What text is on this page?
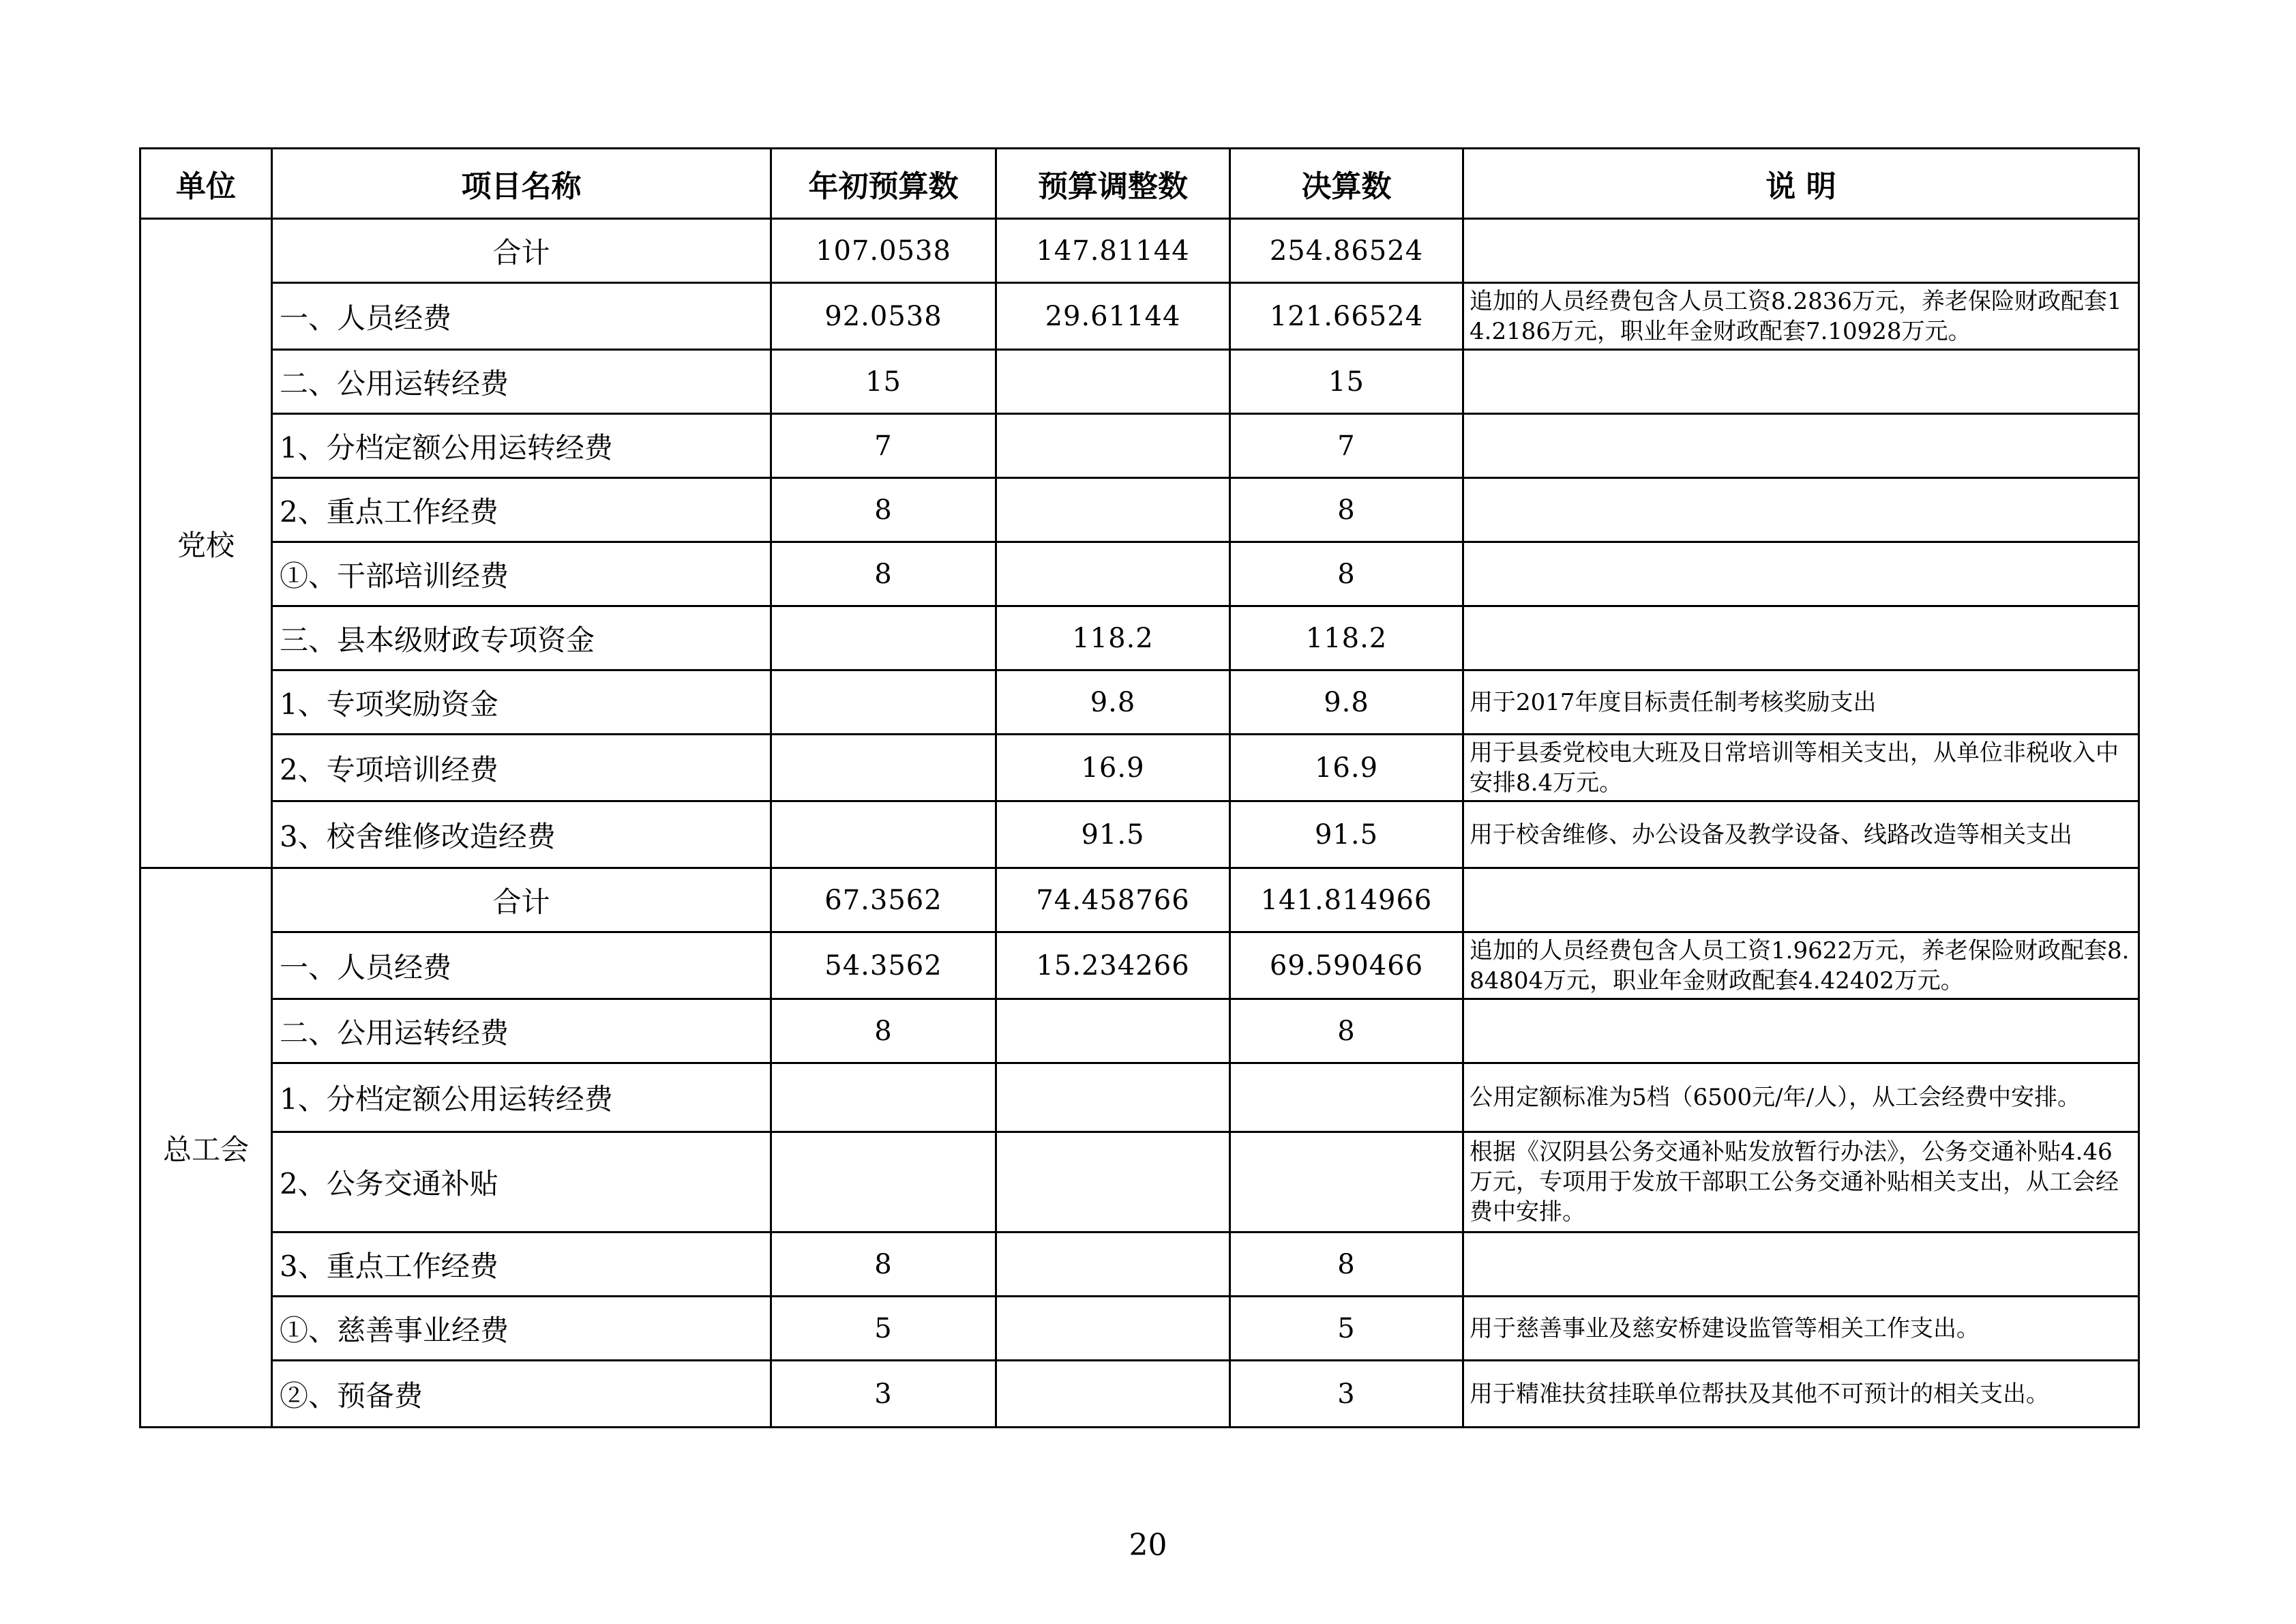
单位	项目名称	年初预算数	预算调整数	决算数	说 明
党校	合计	107.0538	147.81144	254.86524	
	一、人员经费	92.0538	29.61144	121.66524	追加的人员经费包含人员工资8.2836万元，养老保险财政配套14.2186万元，职业年金财政配套7.10928万元。
	二、公用运转经费	15		15	
	1、分档定额公用运转经费	7		7	
	2、重点工作经费	8		8	
	①、干部培训经费	8		8	
	三、县本级财政专项资金		118.2	118.2	
	1、专项奖励资金		9.8	9.8	用于2017年度目标责任制考核奖励支出
	2、专项培训经费		16.9	16.9	用于县委党校电大班及日常培训等相关支出，从单位非税收入中安排8.4万元。
	3、校舍维修改造经费		91.5	91.5	用于校舍维修、办公设备及教学设备、线路改造等相关支出
总工会	合计	67.3562	74.458766	141.814966	
	一、人员经费	54.3562	15.234266	69.590466	追加的人员经费包含人员工资1.9622万元，养老保险财政配套8.84804万元，职业年金财政配套4.42402万元。
	二、公用运转经费	8		8	
	1、分档定额公用运转经费				公用定额标准为5档（6500元/年/人），从工会经费中安排。
	2、公务交通补贴				根据《汉阴县公务交通补贴发放暂行办法》，公务交通补贴4.46万元，专项用于发放干部职工公务交通补贴相关支出，从工会经费中安排。
	3、重点工作经费	8		8	
	①、慈善事业经费	5		5	用于慈善事业及慈安桥建设监管等相关工作支出。
	②、预备费	3		3	用于精准扶贫挂联单位帮扶及其他不可预计的相关支出。
20
